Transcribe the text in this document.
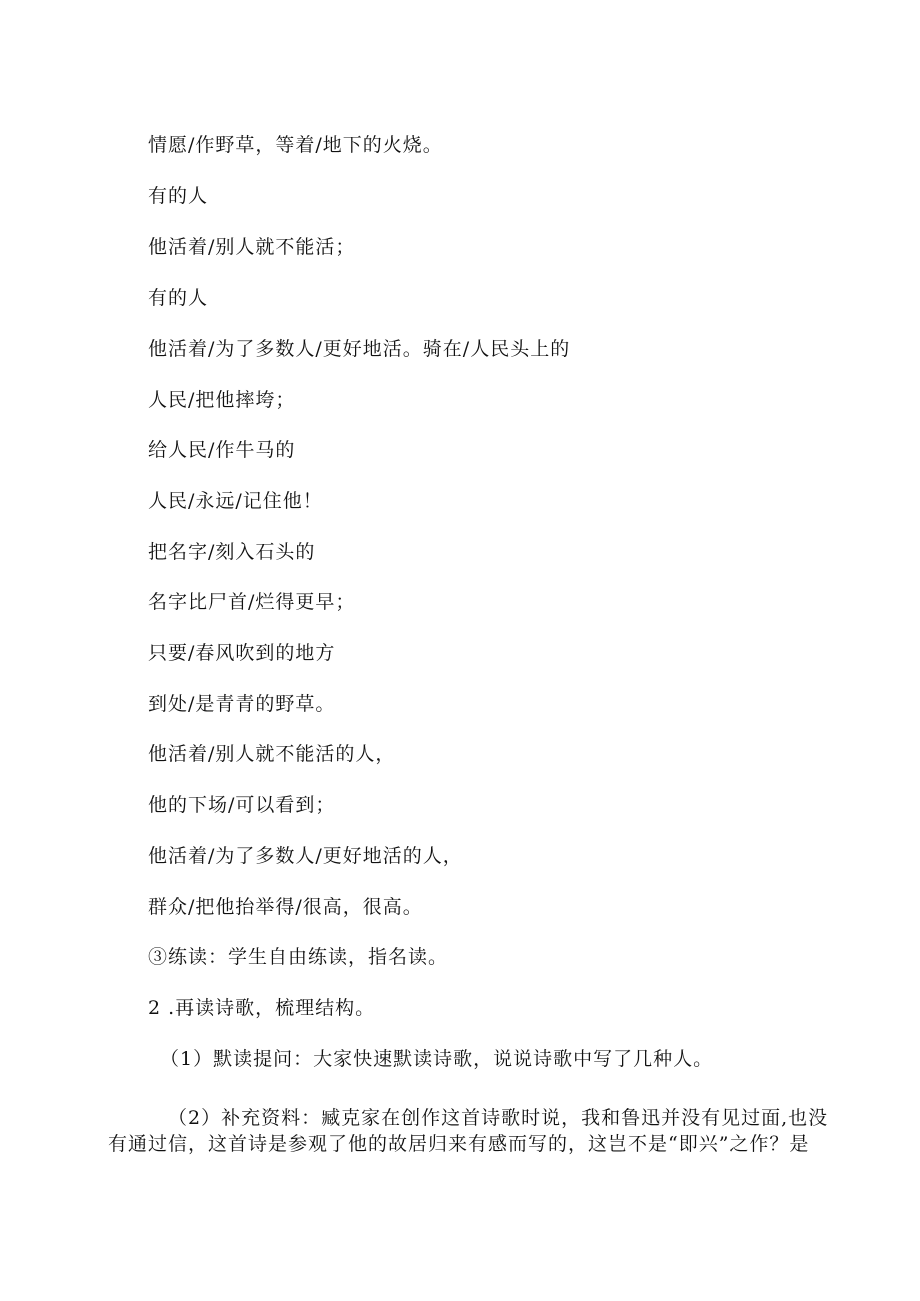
情愿/作野草，等着/地下的火烧。
有的人
他活着/别人就不能活；
有的人
他活着/为了多数人/更好地活。骑在/人民头上的
人民/把他摔垮；
给人民/作牛马的
人民/永远/记住他！
把名字/刻入石头的
名字比尸首/烂得更早；
只要/春风吹到的地方
到处/是青青的野草。
他活着/别人就不能活的人，
他的下场/可以看到；
他活着/为了多数人/更好地活的人，
群众/把他抬举得/很高，很高。
③练读：学生自由练读，指名读。
2 .再读诗歌，梳理结构。
（1）默读提问：大家快速默读诗歌，说说诗歌中写了几种人。
（2）补充资料：臧克家在创作这首诗歌时说，我和鲁迅并没有见过面,也没
有通过信，这首诗是参观了他的故居归来有感而写的，这岂不是“即兴”之作？是
